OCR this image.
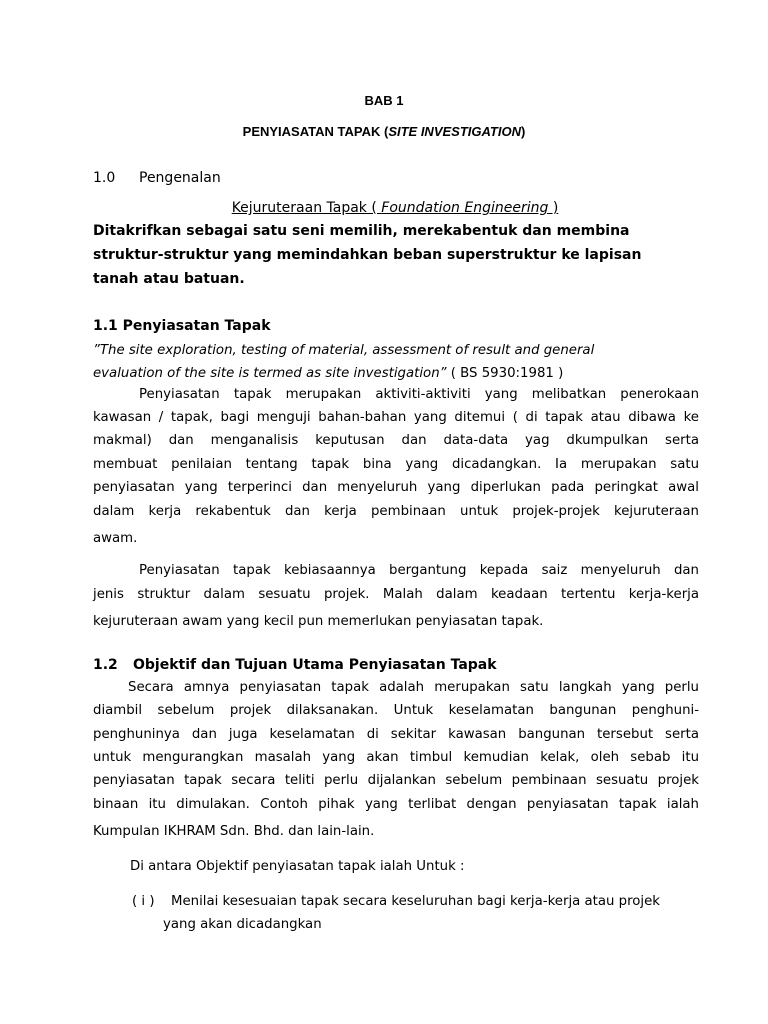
BAB 1
PENYIASATAN TAPAK (SITE INVESTIGATION)
1.0 Pengenalan
Kejuruteraan Tapak ( Foundation Engineering )
Ditakrifkan sebagai satu seni memilih, merekabentuk dan membina
struktur-struktur yang memindahkan beban superstruktur ke lapisan
tanah atau batuan.
1.1 Penyiasatan Tapak
”The site exploration, testing of material, assessment of result and general
evaluation of the site is termed as site investigation” ( BS 5930:1981 )
Penyiasatan tapak merupakan aktiviti-aktiviti yang melibatkan penerokaan
kawasan / tapak, bagi menguji bahan-bahan yang ditemui ( di tapak atau dibawa ke
makmal) dan menganalisis keputusan dan data-data yag dkumpulkan serta
membuat penilaian tentang tapak bina yang dicadangkan. Ia merupakan satu
penyiasatan yang terperinci dan menyeluruh yang diperlukan pada peringkat awal
dalam kerja rekabentuk dan kerja pembinaan untuk projek-projek kejuruteraan
awam.
Penyiasatan tapak kebiasaannya bergantung kepada saiz menyeluruh dan
jenis struktur dalam sesuatu projek. Malah dalam keadaan tertentu kerja-kerja
kejuruteraan awam yang kecil pun memerlukan penyiasatan tapak.
1.2 Objektif dan Tujuan Utama Penyiasatan Tapak
Secara amnya penyiasatan tapak adalah merupakan satu langkah yang perlu
diambil sebelum projek dilaksanakan. Untuk keselamatan bangunan penghuni-
penghuninya dan juga keselamatan di sekitar kawasan bangunan tersebut serta
untuk mengurangkan masalah yang akan timbul kemudian kelak, oleh sebab itu
penyiasatan tapak secara teliti perlu dijalankan sebelum pembinaan sesuatu projek
binaan itu dimulakan. Contoh pihak yang terlibat dengan penyiasatan tapak ialah
Kumpulan IKHRAM Sdn. Bhd. dan lain-lain.
Di antara Objektif penyiasatan tapak ialah Untuk :
( i ) Menilai kesesuaian tapak secara keseluruhan bagi kerja-kerja atau projek
yang akan dicadangkan
